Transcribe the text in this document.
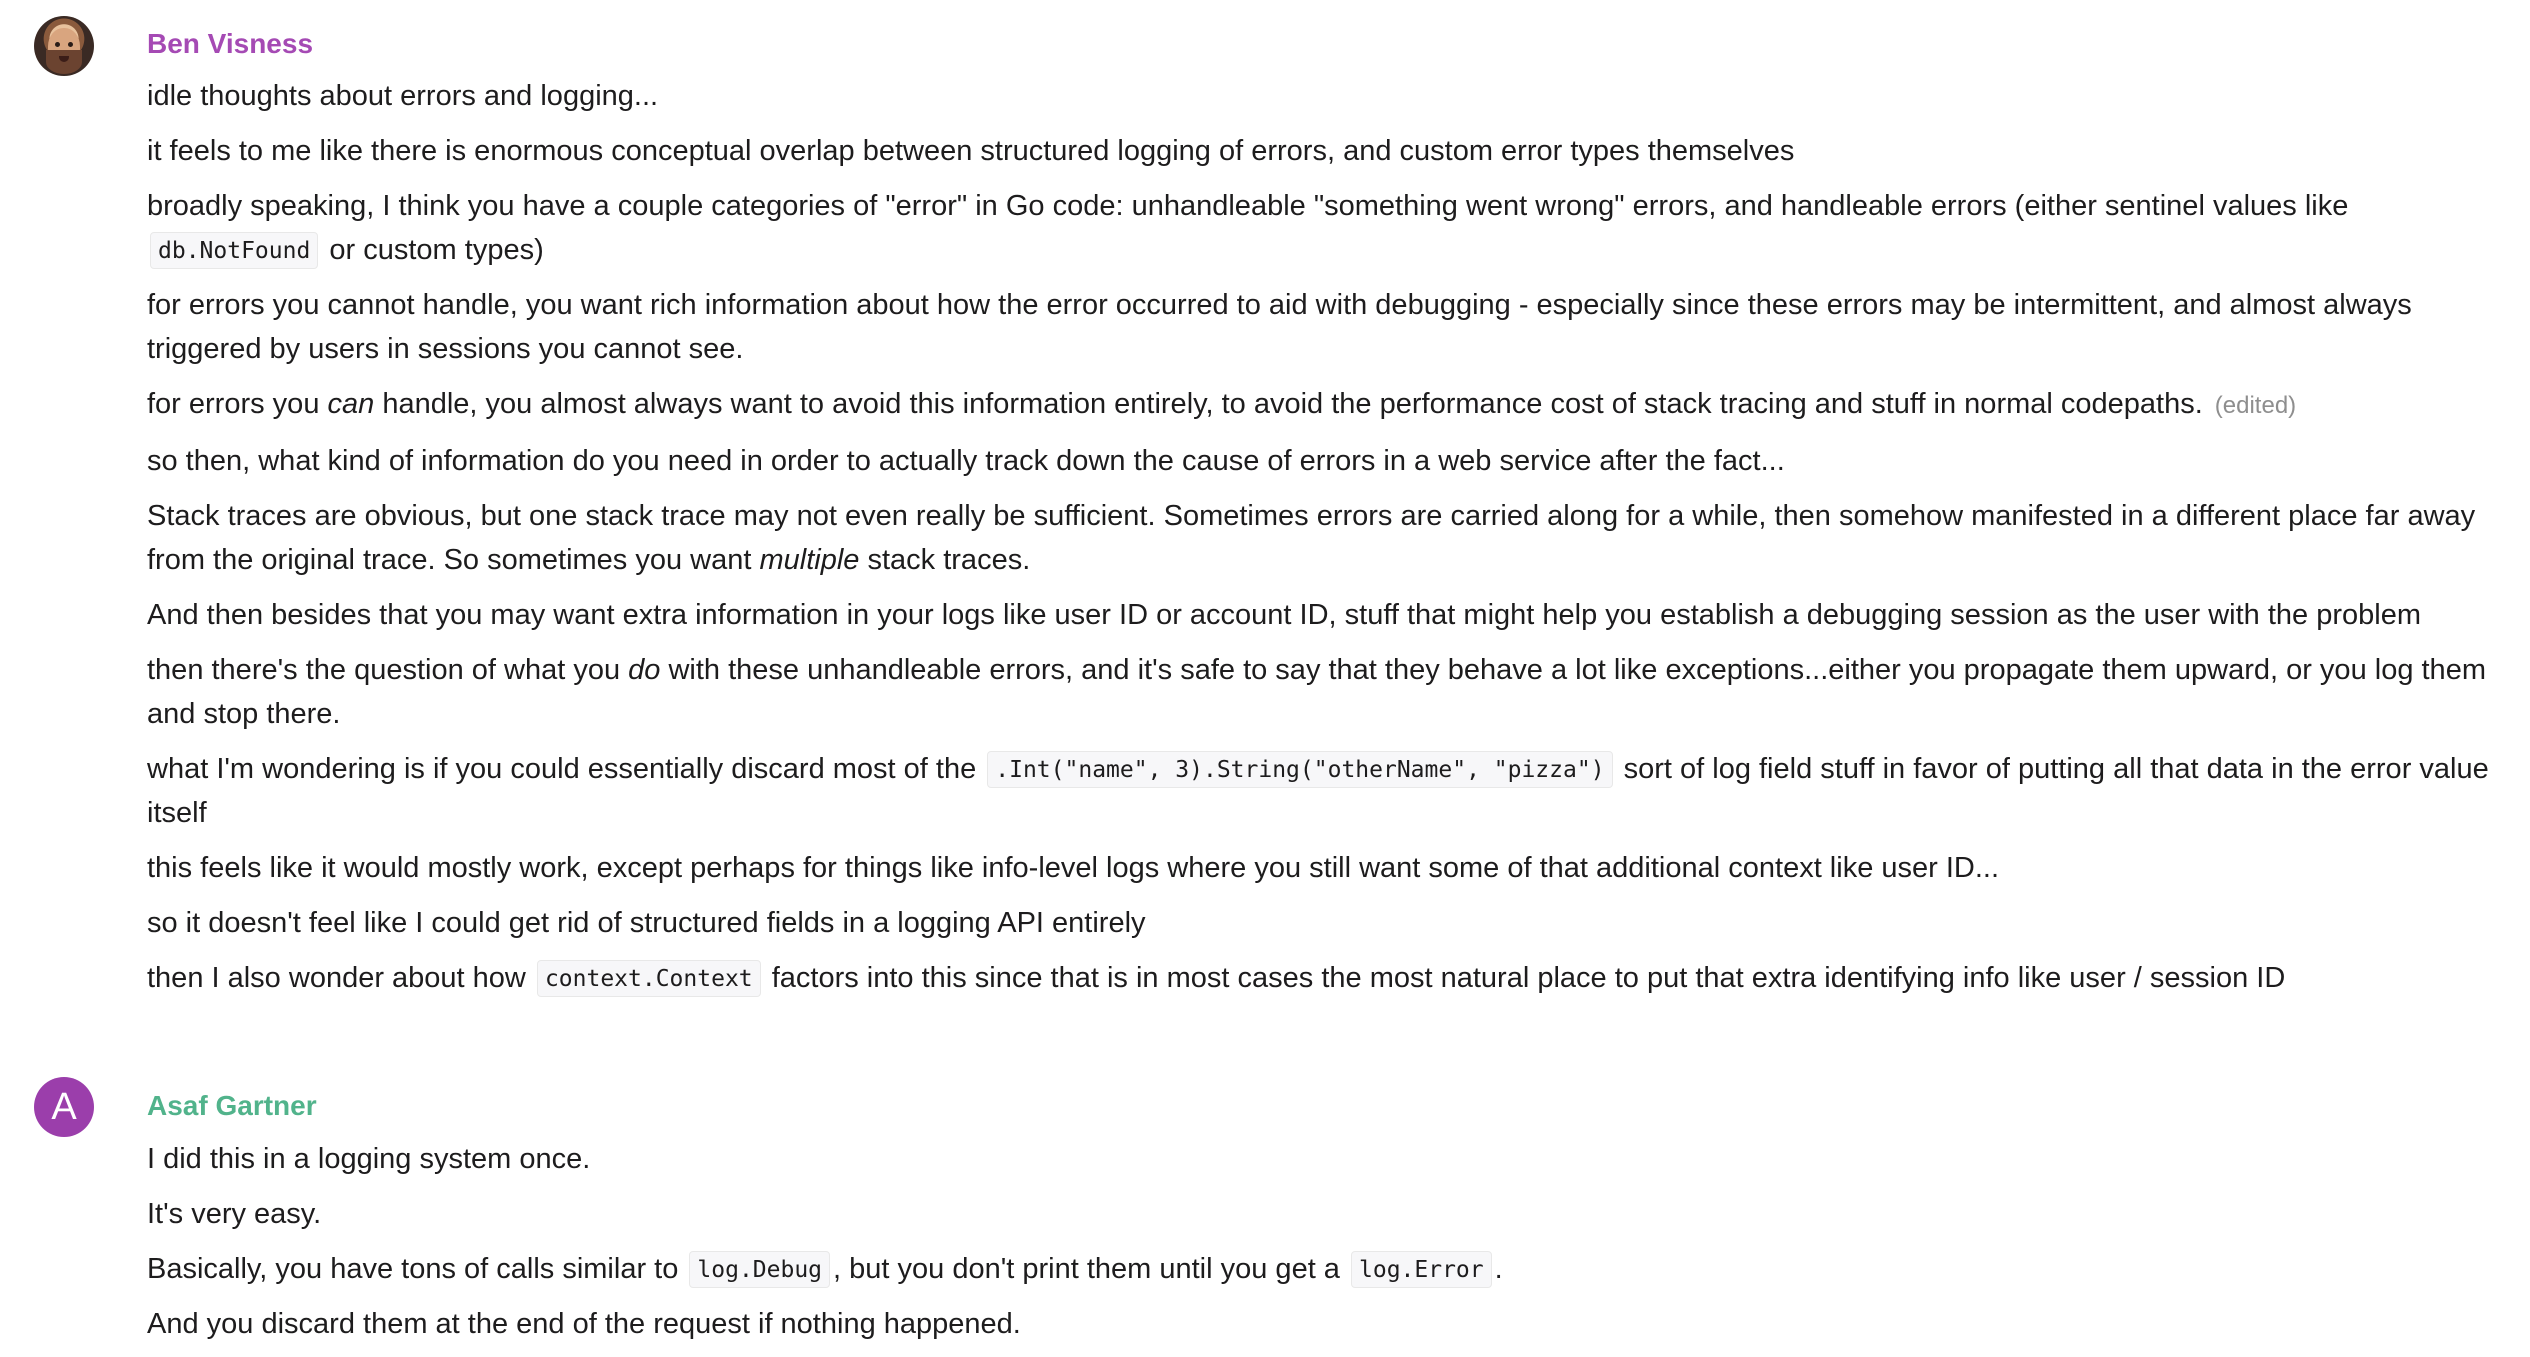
Ben Visness

idle thoughts about errors and logging...

it feels to me like there is enormous conceptual overlap between structured logging of errors, and custom error types themselves

broadly speaking, I think you have a couple categories of "error" in Go code: unhandleable "something went wrong" errors, and handleable errors (either sentinel values like db.NotFound or custom types)

for errors you cannot handle, you want rich information about how the error occurred to aid with debugging - especially since these errors may be intermittent, and almost always triggered by users in sessions you cannot see.

for errors you can handle, you almost always want to avoid this information entirely, to avoid the performance cost of stack tracing and stuff in normal codepaths. (edited)

so then, what kind of information do you need in order to actually track down the cause of errors in a web service after the fact...

Stack traces are obvious, but one stack trace may not even really be sufficient. Sometimes errors are carried along for a while, then somehow manifested in a different place far away from the original trace. So sometimes you want multiple stack traces.

And then besides that you may want extra information in your logs like user ID or account ID, stuff that might help you establish a debugging session as the user with the problem

then there's the question of what you do with these unhandleable errors, and it's safe to say that they behave a lot like exceptions...either you propagate them upward, or you log them and stop there.

what I'm wondering is if you could essentially discard most of the .Int("name", 3).String("otherName", "pizza") sort of log field stuff in favor of putting all that data in the error value itself

this feels like it would mostly work, except perhaps for things like info-level logs where you still want some of that additional context like user ID...

so it doesn't feel like I could get rid of structured fields in a logging API entirely

then I also wonder about how context.Context factors into this since that is in most cases the most natural place to put that extra identifying info like user / session ID

A	Asaf Gartner

I did this in a logging system once.

It's very easy.

Basically, you have tons of calls similar to log.Debug , but you don't print them until you get a log.Error .

And you discard them at the end of the request if nothing happened.
